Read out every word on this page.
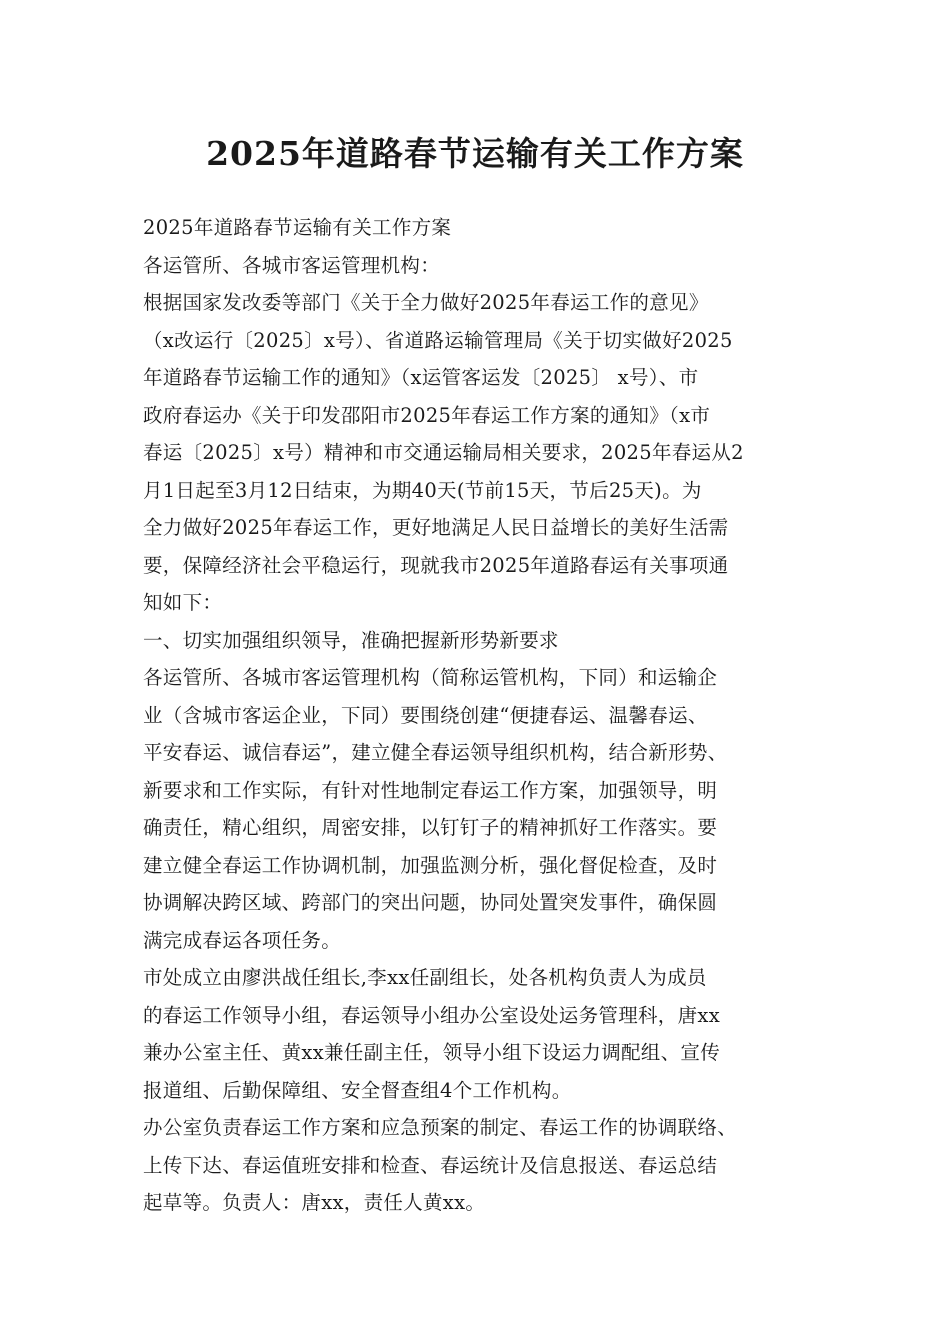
2025年道路春节运输有关工作方案
2025年道路春节运输有关工作方案
各运管所、各城市客运管理机构：
根据国家发改委等部门《关于全力做好2025年春运工作的意见》
（x改运行〔2025〕x号）、省道路运输管理局《关于切实做好2025
年道路春节运输工作的通知》（x运管客运发〔2025〕 x号）、市
政府春运办《关于印发邵阳市2025年春运工作方案的通知》（x市
春运〔2025〕x号）精神和市交通运输局相关要求，2025年春运从2
月1日起至3月12日结束，为期40天(节前15天，节后25天)。为
全力做好2025年春运工作，更好地满足人民日益增长的美好生活需
要，保障经济社会平稳运行，现就我市2025年道路春运有关事项通
知如下：
一、切实加强组织领导，准确把握新形势新要求
各运管所、各城市客运管理机构（简称运管机构，下同）和运输企
业（含城市客运企业，下同）要围绕创建“便捷春运、温馨春运、
平安春运、诚信春运”，建立健全春运领导组织机构，结合新形势、
新要求和工作实际，有针对性地制定春运工作方案，加强领导，明
确责任，精心组织，周密安排，以钉钉子的精神抓好工作落实。要
建立健全春运工作协调机制，加强监测分析，强化督促检查，及时
协调解决跨区域、跨部门的突出问题，协同处置突发事件，确保圆
满完成春运各项任务。
市处成立由廖洪战任组长,李xx任副组长，处各机构负责人为成员
的春运工作领导小组，春运领导小组办公室设处运务管理科，唐xx
兼办公室主任、黄xx兼任副主任，领导小组下设运力调配组、宣传
报道组、后勤保障组、安全督查组4个工作机构。
办公室负责春运工作方案和应急预案的制定、春运工作的协调联络、
上传下达、春运值班安排和检查、春运统计及信息报送、春运总结
起草等。负责人：唐xx，责任人黄xx。
